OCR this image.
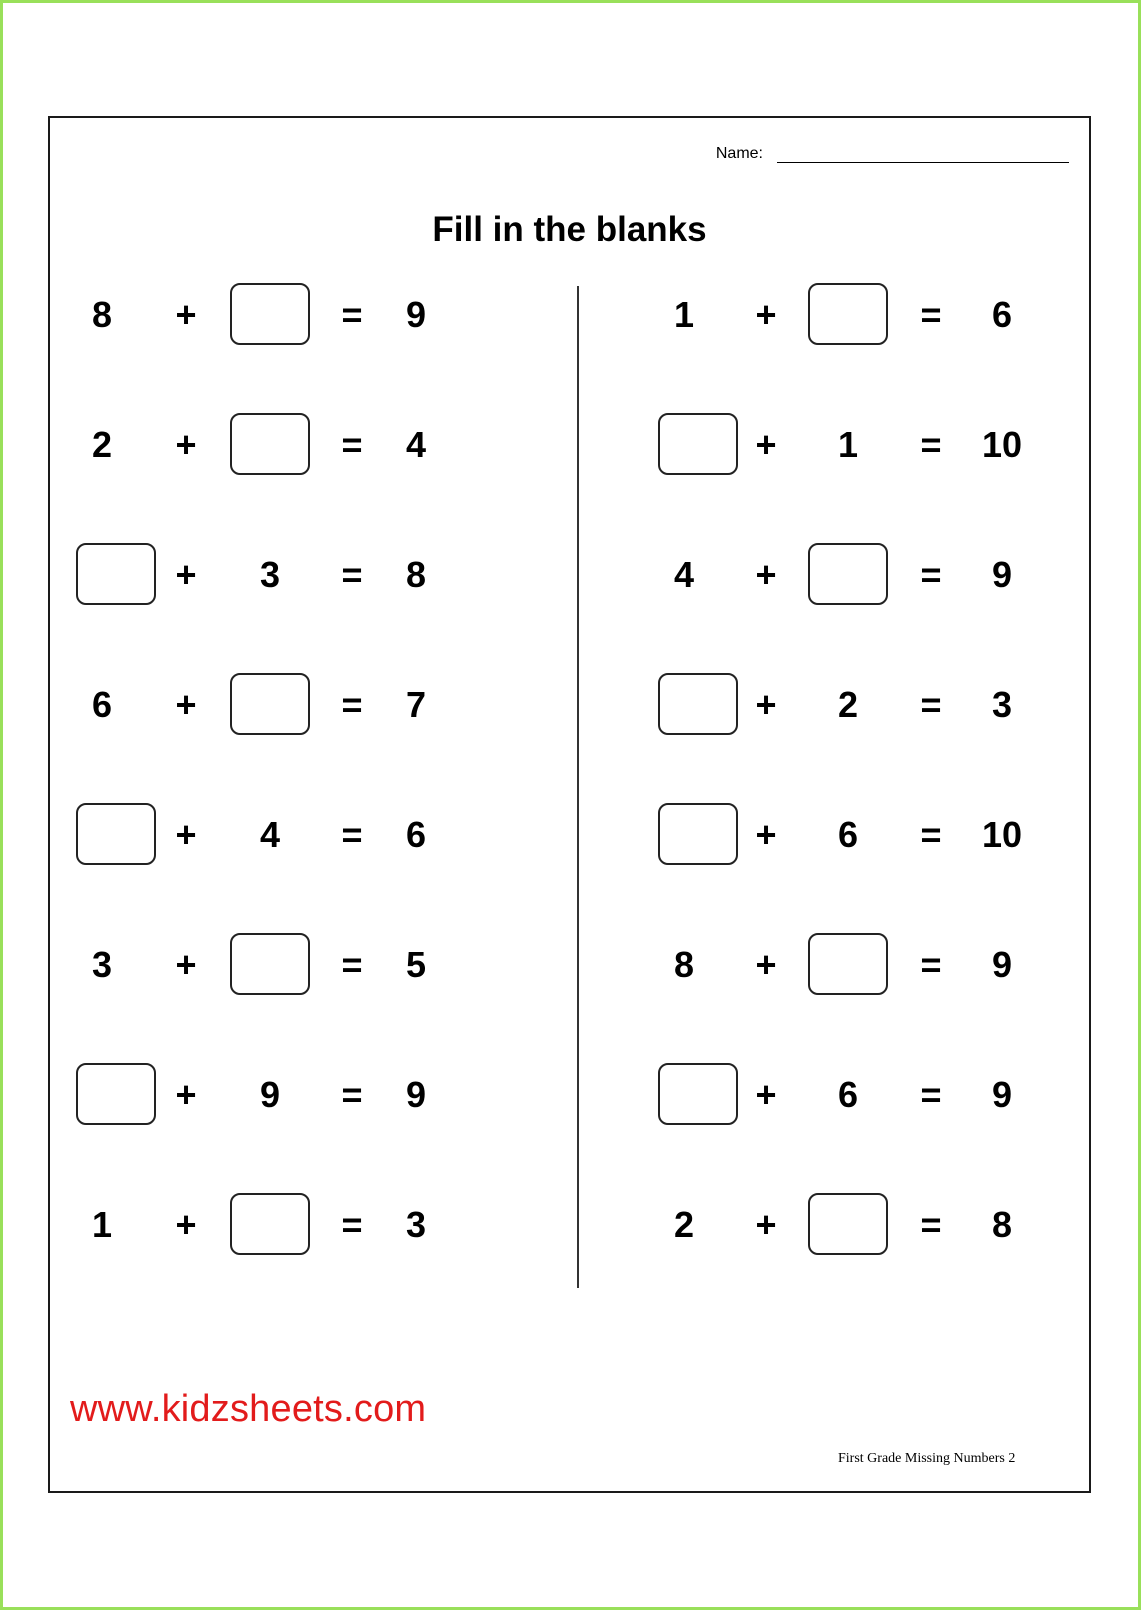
Name:
Fill in the blanks
8 +	=	9
2 +	=	4
+ 3 =	8
6 +	=	7
+ 4 =	6
3 +	=	5
+ 9 =	9
1 +	=	3
1 +	=	6
+ 1 = 10
4 +	=	9
+ 2 =	3
+ 6 = 10
8 +	=	9
+ 6 =	9
2 +	=	8
www.kidzsheets.com
First Grade Missing Numbers 2
